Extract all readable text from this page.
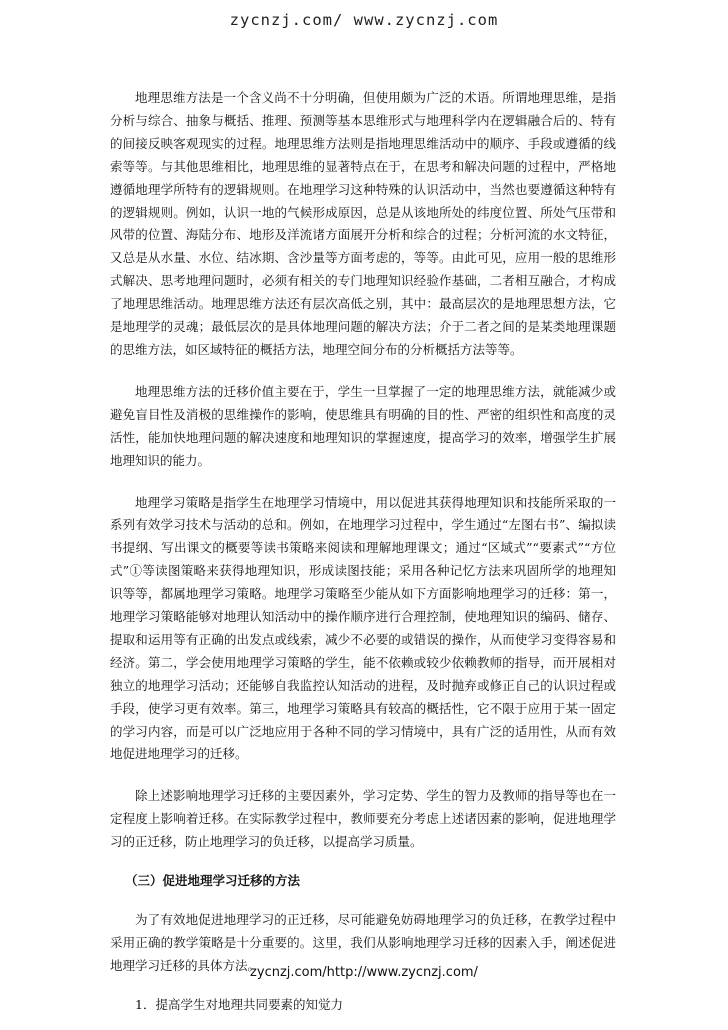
zycnzj.com/ www.zycnzj.com

地理思维方法是一个含义尚不十分明确，但使用颇为广泛的术语。所谓地理思维，是指分析与综合、抽象与概括、推理、预测等基本思维形式与地理科学内在逻辑融合后的、特有的间接反映客观现实的过程。地理思维方法则是指地理思维活动中的顺序、手段或遵循的线索等等。与其他思维相比，地理思维的显著特点在于，在思考和解决问题的过程中，严格地遵循地理学所特有的逻辑规则。在地理学习这种特殊的认识活动中，当然也要遵循这种特有的逻辑规则。例如，认识一地的气候形成原因，总是从该地所处的纬度位置、所处气压带和风带的位置、海陆分布、地形及洋流诸方面展开分析和综合的过程；分析河流的水文特征，又总是从水量、水位、结冰期、含沙量等方面考虑的，等等。由此可见，应用一般的思维形式解决、思考地理问题时，必须有相关的专门地理知识经验作基础，二者相互融合，才构成了地理思维活动。地理思维方法还有层次高低之别，其中：最高层次的是地理思想方法，它是地理学的灵魂；最低层次的是具体地理问题的解决方法；介于二者之间的是某类地理课题的思维方法，如区域特征的概括方法，地理空间分布的分析概括方法等等。

地理思维方法的迁移价值主要在于，学生一旦掌握了一定的地理思维方法，就能减少或避免盲目性及消极的思维操作的影响，使思维具有明确的目的性、严密的组织性和高度的灵活性，能加快地理问题的解决速度和地理知识的掌握速度，提高学习的效率，增强学生扩展地理知识的能力。

地理学习策略是指学生在地理学习情境中，用以促进其获得地理知识和技能所采取的一系列有效学习技术与活动的总和。例如，在地理学习过程中，学生通过“左图右书”、编拟读书提纲、写出课文的概要等读书策略来阅读和理解地理课文；通过“区域式”“要素式”“方位式”①等读图策略来获得地理知识，形成读图技能；采用各种记忆方法来巩固所学的地理知识等等，都属地理学习策略。地理学习策略至少能从如下方面影响地理学习的迁移：第一，地理学习策略能够对地理认知活动中的操作顺序进行合理控制，使地理知识的编码、储存、提取和运用等有正确的出发点或线索，减少不必要的或错误的操作，从而使学习变得容易和经济。第二，学会使用地理学习策略的学生，能不依赖或较少依赖教师的指导，而开展相对独立的地理学习活动；还能够自我监控认知活动的进程，及时抛弃或修正自己的认识过程或手段，使学习更有效率。第三，地理学习策略具有较高的概括性，它不限于应用于某一固定的学习内容，而是可以广泛地应用于各种不同的学习情境中，具有广泛的适用性，从而有效地促进地理学习的迁移。

除上述影响地理学习迁移的主要因素外，学习定势、学生的智力及教师的指导等也在一定程度上影响着迁移。在实际教学过程中，教师要充分考虑上述诸因素的影响，促进地理学习的正迁移，防止地理学习的负迁移，以提高学习质量。

（三）促进地理学习迁移的方法

为了有效地促进地理学习的正迁移，尽可能避免妨碍地理学习的负迁移，在教学过程中采用正确的教学策略是十分重要的。这里，我们从影响地理学习迁移的因素入手，阐述促进地理学习迁移的具体方法。

1．提高学生对地理共同要素的知觉力

zycnzj.com/http://www.zycnzj.com/
